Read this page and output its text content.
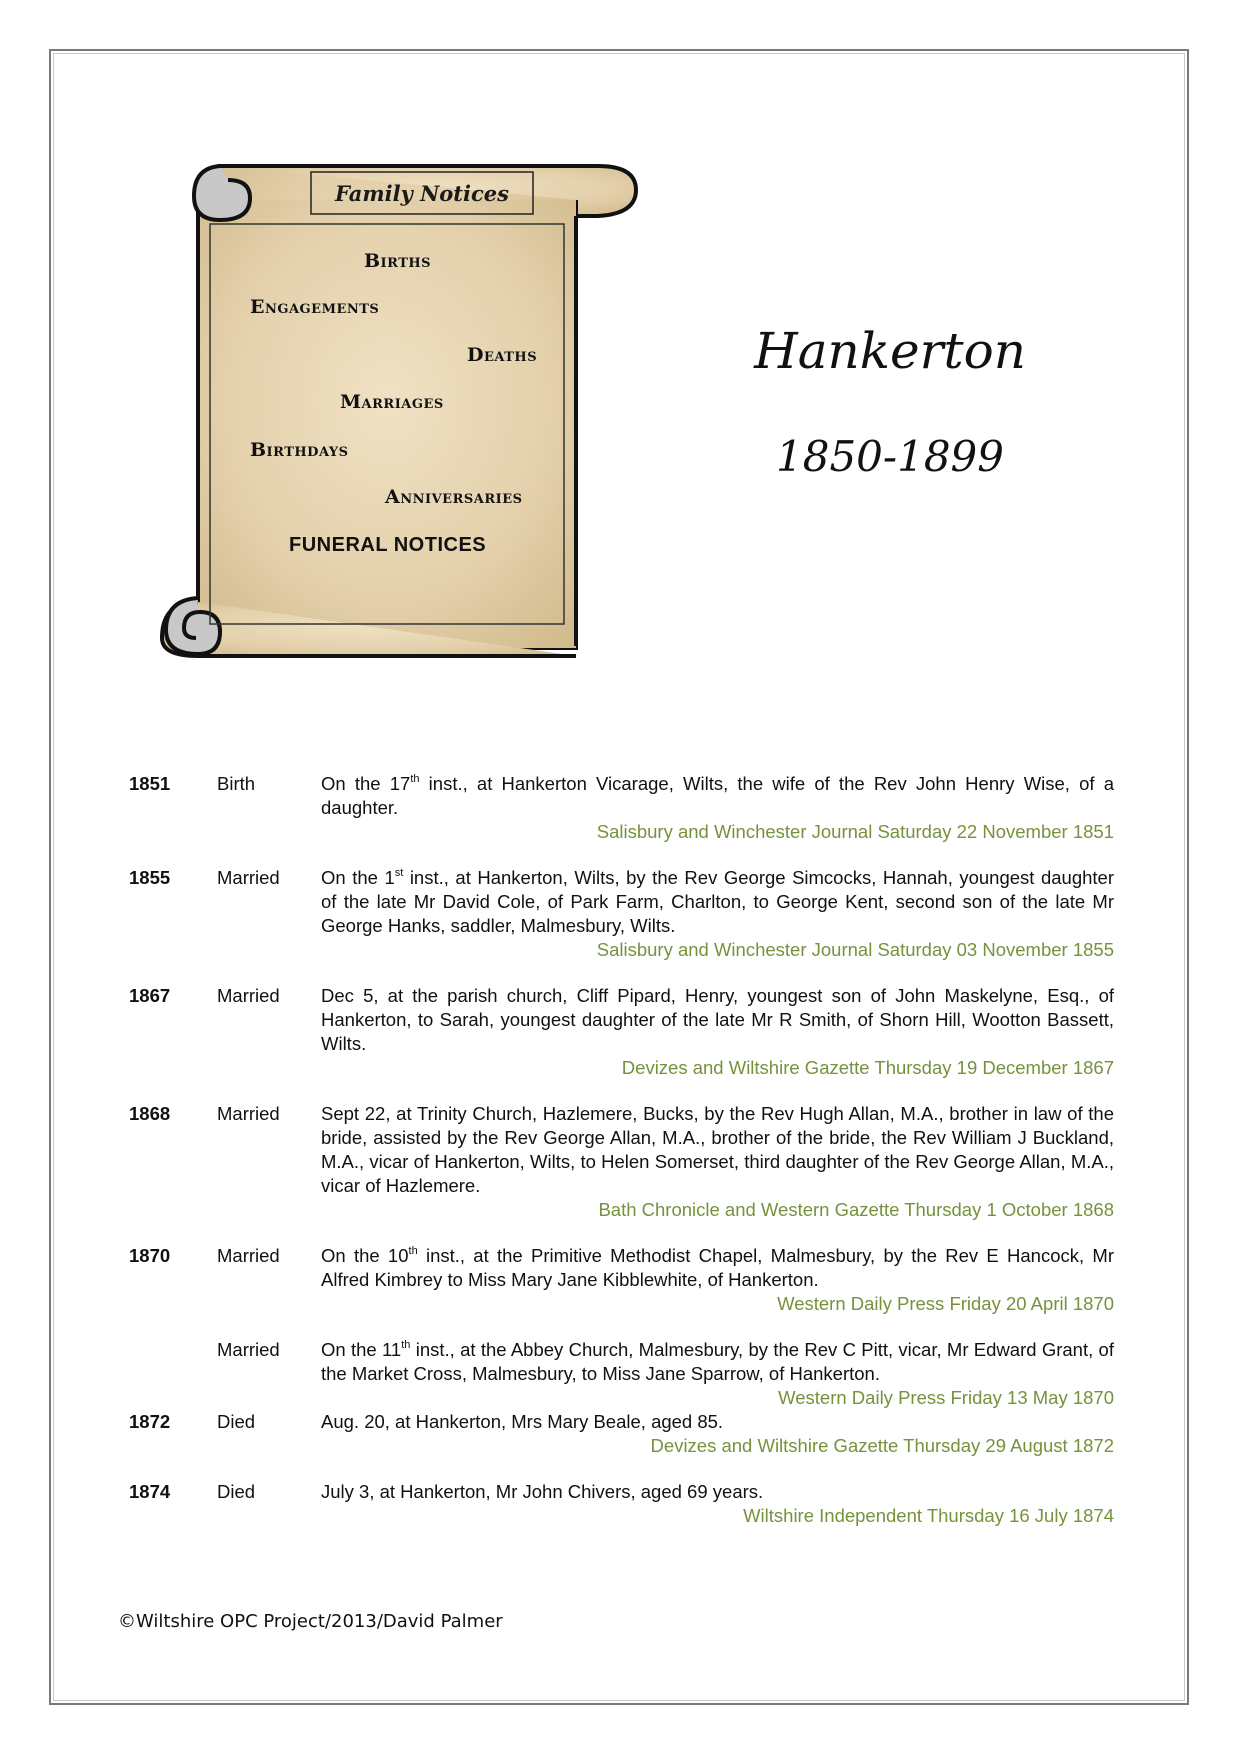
Family Notices
Births
Engagements
Deaths
Marriages
Birthdays
Anniversaries
FUNERAL NOTICES
Hankerton
1850-1899
1851	Birth	On the 17th inst., at Hankerton Vicarage, Wilts, the wife of the Rev John Henry Wise, of a daughter.
Salisbury and Winchester Journal Saturday 22 November 1851
1855	Married	On the 1st inst., at Hankerton, Wilts, by the Rev George Simcocks, Hannah, youngest daughter of the late Mr David Cole, of Park Farm, Charlton, to George Kent, second son of the late Mr George Hanks, saddler, Malmesbury, Wilts.
Salisbury and Winchester Journal Saturday 03 November 1855
1867	Married	Dec 5, at the parish church, Cliff Pipard, Henry, youngest son of John Maskelyne, Esq., of Hankerton, to Sarah, youngest daughter of the late Mr R Smith, of Shorn Hill, Wootton Bassett, Wilts.
Devizes and Wiltshire Gazette Thursday 19 December 1867
1868	Married	Sept 22, at Trinity Church, Hazlemere, Bucks, by the Rev Hugh Allan, M.A., brother in law of the bride, assisted by the Rev George Allan, M.A., brother of the bride, the Rev William J Buckland, M.A., vicar of Hankerton, Wilts, to Helen Somerset, third daughter of the Rev George Allan, M.A., vicar of Hazlemere.
Bath Chronicle and Western Gazette Thursday 1 October 1868
1870	Married	On the 10th inst., at the Primitive Methodist Chapel, Malmesbury, by the Rev E Hancock, Mr Alfred Kimbrey to Miss Mary Jane Kibblewhite, of Hankerton.
Western Daily Press Friday 20 April 1870
Married	On the 11th inst., at the Abbey Church, Malmesbury, by the Rev C Pitt, vicar, Mr Edward Grant, of the Market Cross, Malmesbury, to Miss Jane Sparrow, of Hankerton.
Western Daily Press Friday 13 May 1870
1872	Died	Aug. 20, at Hankerton, Mrs Mary Beale, aged 85.
Devizes and Wiltshire Gazette Thursday 29 August 1872
1874	Died	July 3, at Hankerton, Mr John Chivers, aged 69 years.
Wiltshire Independent Thursday 16 July 1874
©Wiltshire OPC Project/2013/David Palmer
